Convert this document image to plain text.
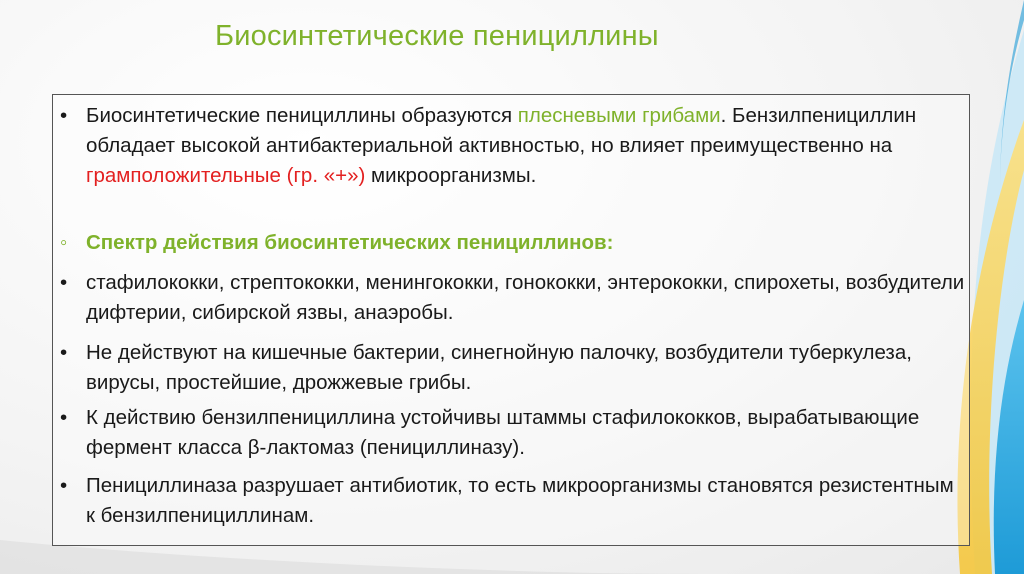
Биосинтетические пенициллины
• Биосинтетические пенициллины образуются плесневыми грибами. Бензилпенициллин обладает высокой антибактериальной активностью, но влияет преимущественно на грамположительные (гр. «+») микроорганизмы.
◦ Спектр действия биосинтетических пенициллинов:
• стафилококки, стрептококки, менингококки, гонококки, энтерококки, спирохеты, возбудители дифтерии, сибирской язвы, анаэробы.
• Не действуют на кишечные бактерии, синегнойную палочку, возбудители туберкулеза, вирусы, простейшие, дрожжевые грибы.
• К действию бензилпенициллина устойчивы штаммы стафилококков, вырабатывающие фермент класса β-лактомаз (пенициллиназу).
• Пенициллиназа разрушает антибиотик, то есть микроорганизмы становятся резистентным к бензилпенициллинам.
